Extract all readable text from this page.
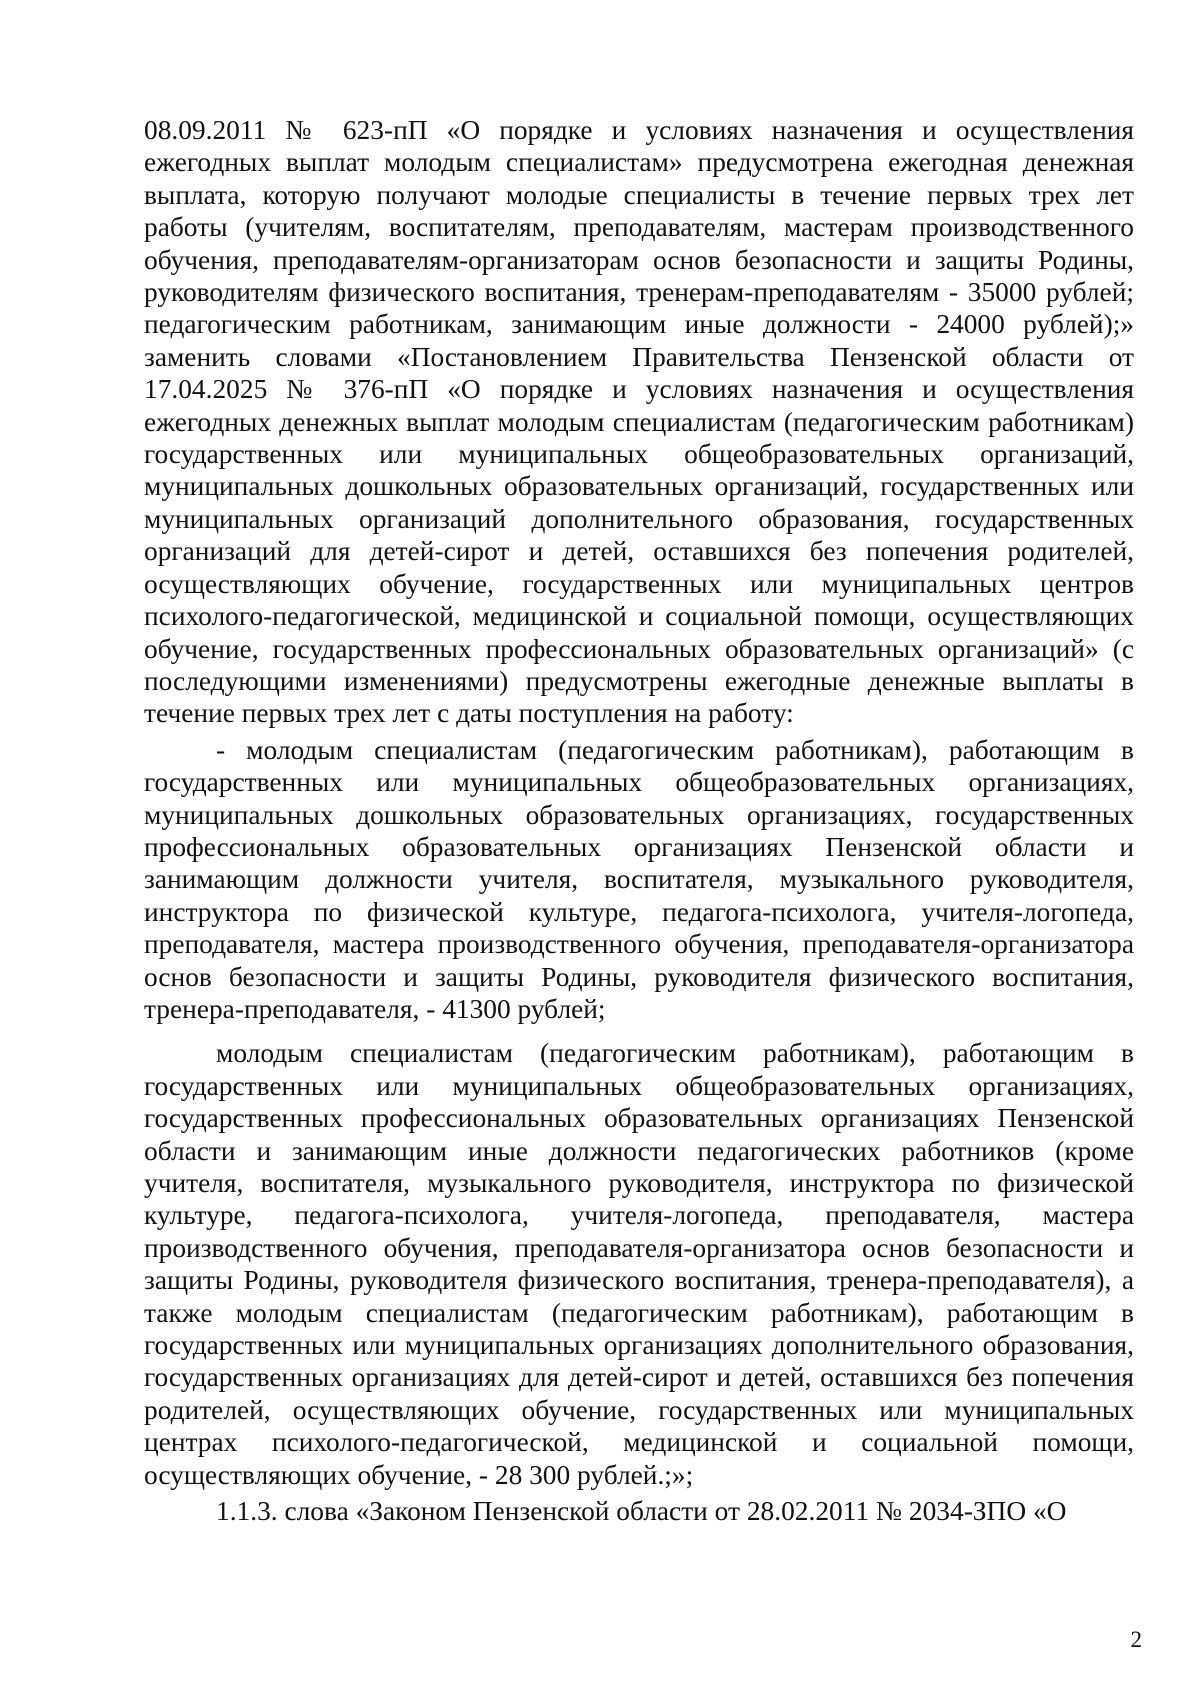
08.09.2011 № 623-пП «О порядке и условиях назначения и осуществления ежегодных выплат молодым специалистам» предусмотрена ежегодная денежная выплата, которую получают молодые специалисты в течение первых трех лет работы (учителям, воспитателям, преподавателям, мастерам производственного обучения, преподавателям-организаторам основ безопасности и защиты Родины, руководителям физического воспитания, тренерам-преподавателям - 35000 рублей; педагогическим работникам, занимающим иные должности - 24000 рублей);» заменить словами «Постановлением Правительства Пензенской области от 17.04.2025 № 376-пП «О порядке и условиях назначения и осуществления ежегодных денежных выплат молодым специалистам (педагогическим работникам) государственных или муниципальных общеобразовательных организаций, муниципальных дошкольных образовательных организаций, государственных или муниципальных организаций дополнительного образования, государственных организаций для детей-сирот и детей, оставшихся без попечения родителей, осуществляющих обучение, государственных или муниципальных центров психолого-педагогической, медицинской и социальной помощи, осуществляющих обучение, государственных профессиональных образовательных организаций» (с последующими изменениями) предусмотрены ежегодные денежные выплаты в течение первых трех лет с даты поступления на работу:

- молодым специалистам (педагогическим работникам), работающим в государственных или муниципальных общеобразовательных организациях, муниципальных дошкольных образовательных организациях, государственных профессиональных образовательных организациях Пензенской области и занимающим должности учителя, воспитателя, музыкального руководителя, инструктора по физической культуре, педагога-психолога, учителя-логопеда, преподавателя, мастера производственного обучения, преподавателя-организатора основ безопасности и защиты Родины, руководителя физического воспитания, тренера-преподавателя, - 41300 рублей;

молодым специалистам (педагогическим работникам), работающим в государственных или муниципальных общеобразовательных организациях, государственных профессиональных образовательных организациях Пензенской области и занимающим иные должности педагогических работников (кроме учителя, воспитателя, музыкального руководителя, инструктора по физической культуре, педагога-психолога, учителя-логопеда, преподавателя, мастера производственного обучения, преподавателя-организатора основ безопасности и защиты Родины, руководителя физического воспитания, тренера-преподавателя), а также молодым специалистам (педагогическим работникам), работающим в государственных или муниципальных организациях дополнительного образования, государственных организациях для детей-сирот и детей, оставшихся без попечения родителей, осуществляющих обучение, государственных или муниципальных центрах психолого-педагогической, медицинской и социальной помощи, осуществляющих обучение, - 28 300 рублей.;»;

1.1.3. слова «Законом Пензенской области от 28.02.2011 № 2034-ЗПО «О

2
